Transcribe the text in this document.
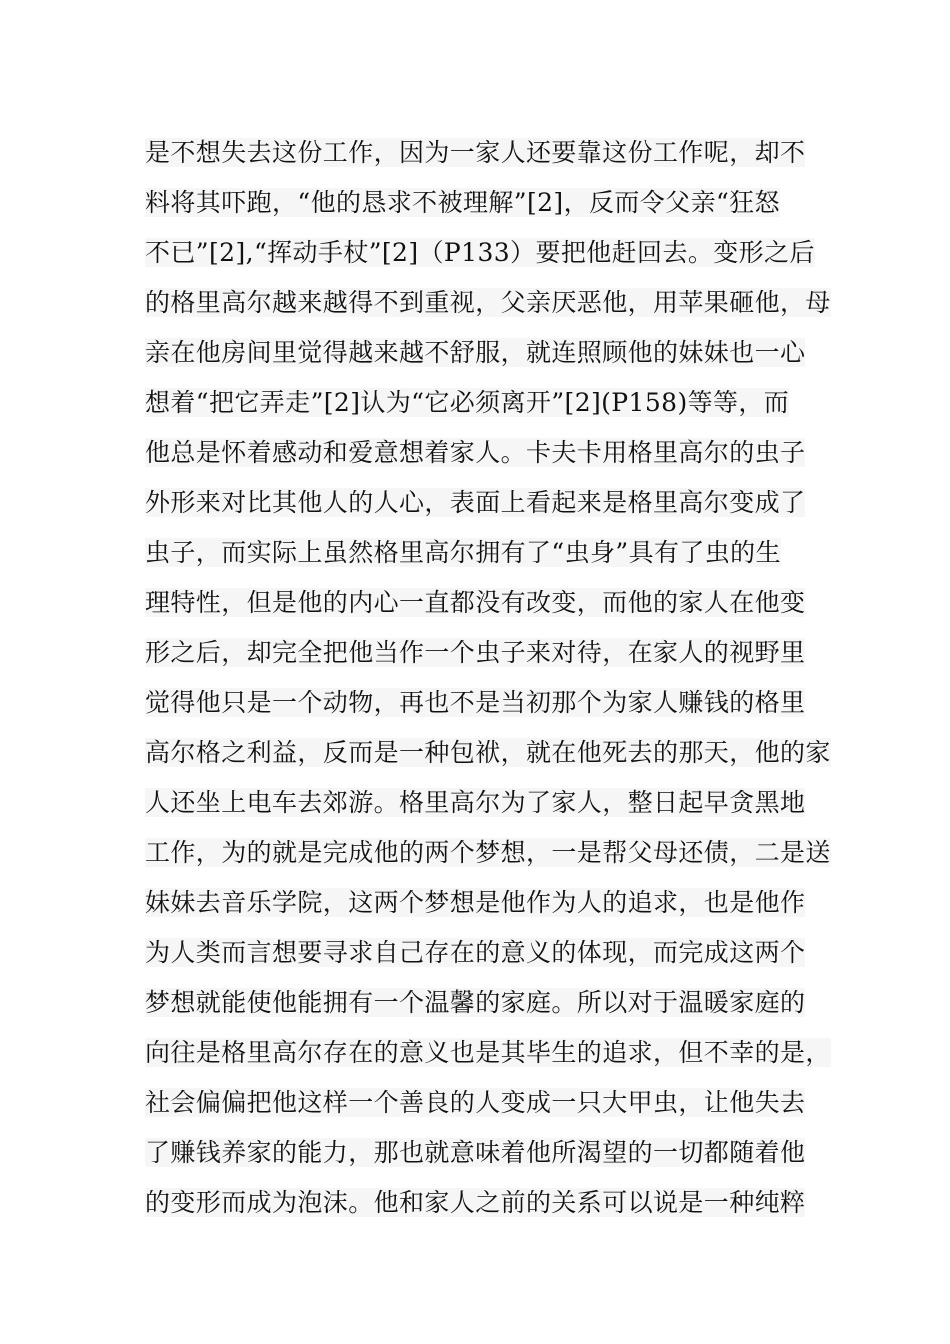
是不想失去这份工作，因为一家人还要靠这份工作呢，却不
料将其吓跑，“他的恳求不被理解”[2]，反而令父亲“狂怒
不已”[2],“挥动手杖”[2]（P133）要把他赶回去。变形之后
的格里高尔越来越得不到重视，父亲厌恶他，用苹果砸他，母
亲在他房间里觉得越来越不舒服，就连照顾他的妹妹也一心
想着“把它弄走”[2]认为“它必须离开”[2](P158)等等，而
他总是怀着感动和爱意想着家人。卡夫卡用格里高尔的虫子
外形来对比其他人的人心，表面上看起来是格里高尔变成了
虫子，而实际上虽然格里高尔拥有了“虫身”具有了虫的生
理特性，但是他的内心一直都没有改变，而他的家人在他变
形之后，却完全把他当作一个虫子来对待，在家人的视野里
觉得他只是一个动物，再也不是当初那个为家人赚钱的格里
高尔格之利益，反而是一种包袱，就在他死去的那天，他的家
人还坐上电车去郊游。格里高尔为了家人，整日起早贪黑地
工作，为的就是完成他的两个梦想，一是帮父母还债，二是送
妹妹去音乐学院，这两个梦想是他作为人的追求，也是他作
为人类而言想要寻求自己存在的意义的体现，而完成这两个
梦想就能使他能拥有一个温馨的家庭。所以对于温暖家庭的
向往是格里高尔存在的意义也是其毕生的追求，但不幸的是，
社会偏偏把他这样一个善良的人变成一只大甲虫，让他失去
了赚钱养家的能力，那也就意味着他所渴望的一切都随着他
的变形而成为泡沫。他和家人之前的关系可以说是一种纯粹
